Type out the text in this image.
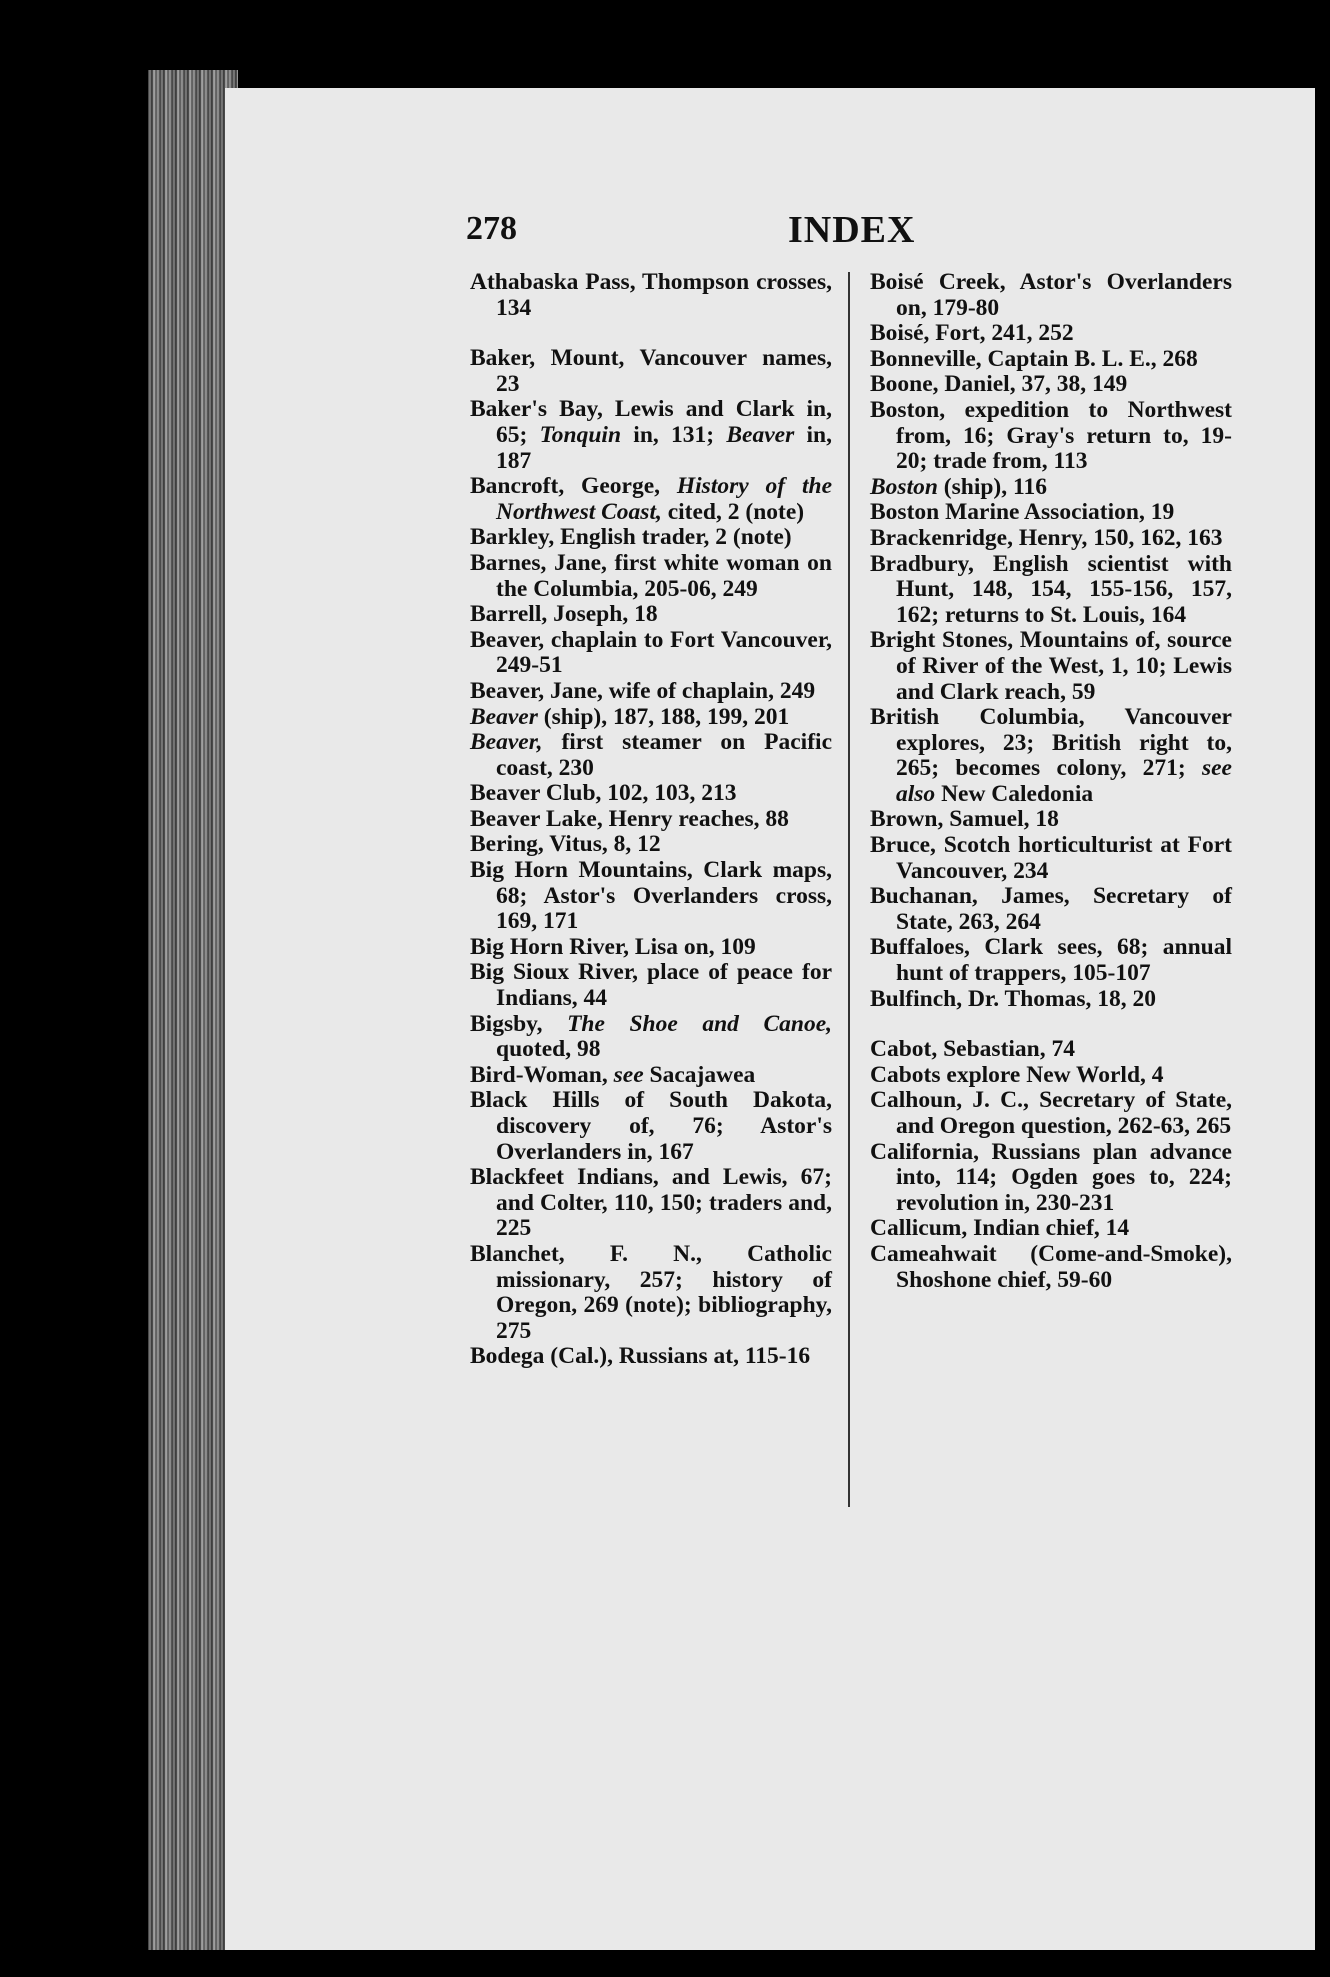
278	INDEX

Athabaska Pass, Thompson crosses, 134

Baker, Mount, Vancouver names, 23

Baker's Bay, Lewis and Clark in, 65; Tonquin in, 131; Beaver in, 187

Bancroft, George, History of the Northwest Coast, cited, 2 (note)

Barkley, English trader, 2 (note)

Barnes, Jane, first white woman on the Columbia, 205-06, 249

Barrell, Joseph, 18

Beaver, chaplain to Fort Vancouver, 249-51

Beaver, Jane, wife of chaplain, 249

Beaver (ship), 187, 188, 199, 201

Beaver, first steamer on Pacific coast, 230

Beaver Club, 102, 103, 213

Beaver Lake, Henry reaches, 88

Bering, Vitus, 8, 12

Big Horn Mountains, Clark maps, 68; Astor's Overlanders cross, 169, 171

Big Horn River, Lisa on, 109

Big Sioux River, place of peace for Indians, 44

Bigsby, The Shoe and Canoe, quoted, 98

Bird-Woman, see Sacajawea

Black Hills of South Dakota, discovery of, 76; Astor's Overlanders in, 167

Blackfeet Indians, and Lewis, 67; and Colter, 110, 150; traders and, 225

Blanchet, F. N., Catholic missionary, 257; history of Oregon, 269 (note); bibliography, 275

Bodega (Cal.), Russians at, 115-16

Boisé Creek, Astor's Overlanders on, 179-80

Boisé, Fort, 241, 252

Bonneville, Captain B. L. E., 268

Boone, Daniel, 37, 38, 149

Boston, expedition to Northwest from, 16; Gray's return to, 19-20; trade from, 113

Boston (ship), 116

Boston Marine Association, 19

Brackenridge, Henry, 150, 162, 163

Bradbury, English scientist with Hunt, 148, 154, 155-156, 157, 162; returns to St. Louis, 164

Bright Stones, Mountains of, source of River of the West, 1, 10; Lewis and Clark reach, 59

British Columbia, Vancouver explores, 23; British right to, 265; becomes colony, 271; see also New Caledonia

Brown, Samuel, 18

Bruce, Scotch horticulturist at Fort Vancouver, 234

Buchanan, James, Secretary of State, 263, 264

Buffaloes, Clark sees, 68; annual hunt of trappers, 105-107

Bulfinch, Dr. Thomas, 18, 20

Cabot, Sebastian, 74

Cabots explore New World, 4

Calhoun, J. C., Secretary of State, and Oregon question, 262-63, 265

California, Russians plan advance into, 114; Ogden goes to, 224; revolution in, 230-231

Callicum, Indian chief, 14

Cameahwait (Come-and-Smoke), Shoshone chief, 59-60
